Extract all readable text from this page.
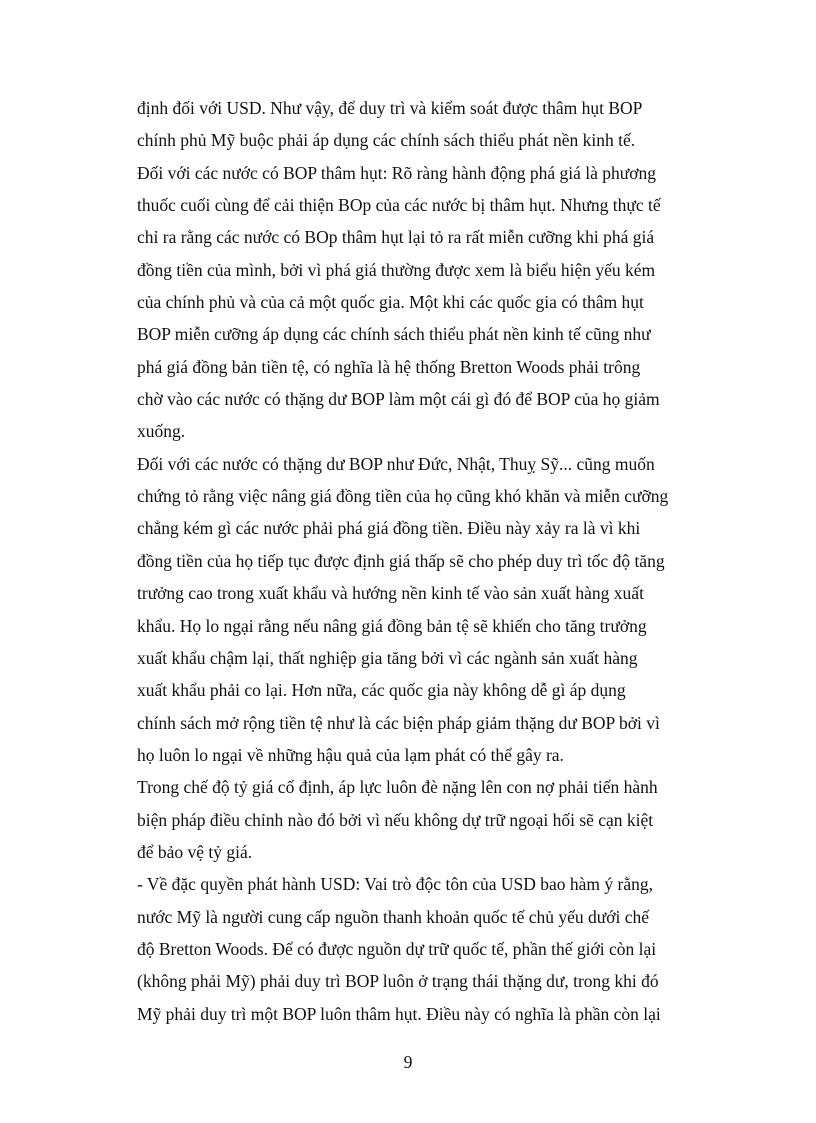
định đối với USD. Như vậy, để duy trì và kiểm soát được thâm hụt BOP
chính phủ Mỹ buộc phải áp dụng các chính sách thiểu phát nền kinh tế.
Đối với các nước có BOP thâm hụt: Rõ ràng hành động phá giá là phương
thuốc cuối cùng để cải thiện BOp của các nước bị thâm hụt. Nhưng thực tế
chỉ ra rằng các nước có BOp thâm hụt lại tỏ ra rất miễn cưỡng khi phá giá
đồng tiền của mình, bởi vì phá giá thường được xem là biểu hiện yếu kém
của chính phủ và của cả một quốc gia. Một khi các quốc gia có thâm hụt
BOP miễn cưỡng áp dụng các chính sách thiểu phát nền kinh tế cũng như
phá giá đồng bản tiền tệ, có nghĩa là hệ thống Bretton Woods phải trông
chờ vào các nước có thặng dư BOP làm một cái gì đó để BOP của họ giảm
xuống.
Đối với các nước có thặng dư BOP như Đức, Nhật, Thuỵ Sỹ... cũng muốn
chứng tỏ rằng việc nâng giá đồng tiền của họ cũng khó khăn và miễn cưỡng
chẳng kém gì các nước phải phá giá đồng tiền. Điều này xảy ra là vì khi
đồng tiền của họ tiếp tục được định giá thấp sẽ cho phép duy trì tốc độ tăng
trưởng cao trong xuất khẩu và hướng nền kinh tế vào sản xuất hàng xuất
khẩu. Họ lo ngại rằng nếu nâng giá đồng bản tệ sẽ khiến cho tăng trưởng
xuất khẩu chậm lại, thất nghiệp gia tăng bởi vì các ngành sản xuất hàng
xuất khẩu phải co lại. Hơn nữa, các quốc gia này không dễ gì áp dụng
chính sách mở rộng tiền tệ như là các biện pháp giảm thặng dư BOP bởi vì
họ luôn lo ngại về những hậu quả của lạm phát có thể gây ra.
Trong chế độ tỷ giá cố định, áp lực luôn đè nặng lên con nợ phải tiến hành
biện pháp điều chỉnh nào đó bởi vì nếu không dự trữ ngoại hối sẽ cạn kiệt
để bảo vệ tỷ giá.
- Về đặc quyền phát hành USD: Vai trò độc tôn của USD bao hàm ý rằng,
nước Mỹ là người cung cấp nguồn thanh khoản quốc tế chủ yếu dưới chế
độ Bretton Woods. Để có được nguồn dự trữ quốc tế, phần thế giới còn lại
(không phải Mỹ) phải duy trì BOP luôn ở trạng thái thặng dư, trong khi đó
Mỹ phải duy trì một BOP luôn thâm hụt. Điều này có nghĩa là phần còn lại
9
